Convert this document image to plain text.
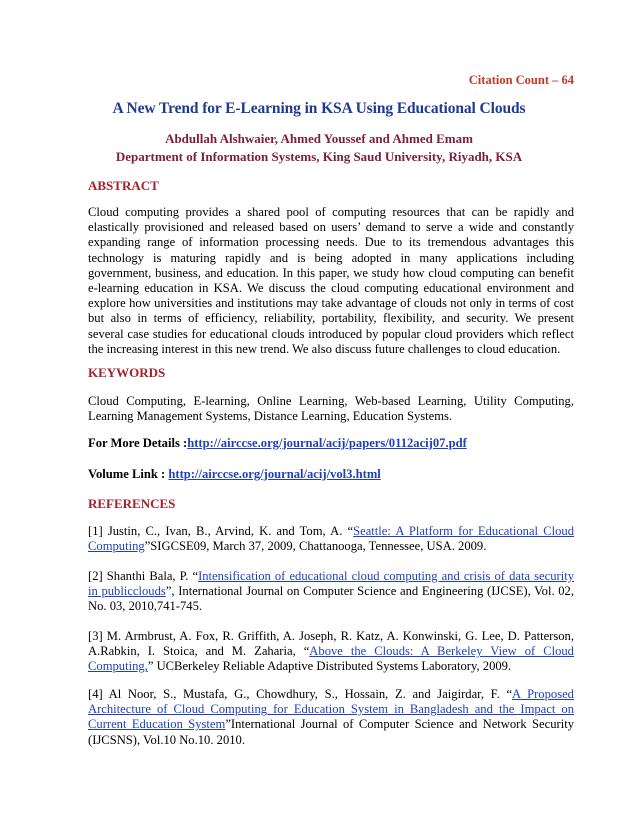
Citation Count – 64
A New Trend for E-Learning in KSA Using Educational Clouds
Abdullah Alshwaier, Ahmed Youssef and Ahmed Emam
Department of Information Systems, King Saud University, Riyadh, KSA
ABSTRACT
Cloud computing provides a shared pool of computing resources that can be rapidly and
elastically provisioned and released based on users’ demand to serve a wide and constantly
expanding range of information processing needs. Due to its tremendous advantages this
technology is maturing rapidly and is being adopted in many applications including
government, business, and education. In this paper, we study how cloud computing can benefit
e-learning education in KSA. We discuss the cloud computing educational environment and
explore how universities and institutions may take advantage of clouds not only in terms of cost
but also in terms of efficiency, reliability, portability, flexibility, and security. We present
several case studies for educational clouds introduced by popular cloud providers which reflect
the increasing interest in this new trend. We also discuss future challenges to cloud education.
KEYWORDS
Cloud Computing, E-learning, Online Learning, Web-based Learning, Utility Computing,
Learning Management Systems, Distance Learning, Education Systems.
For More Details :http://airccse.org/journal/acij/papers/0112acij07.pdf
Volume Link : http://airccse.org/journal/acij/vol3.html
REFERENCES
[1] Justin, C., Ivan, B., Arvind, K. and Tom, A. “Seattle: A Platform for Educational Cloud
Computing”SIGCSE09, March 37, 2009, Chattanooga, Tennessee, USA. 2009.
[2] Shanthi Bala, P. “Intensification of educational cloud computing and crisis of data security
in publicclouds”, International Journal on Computer Science and Engineering (IJCSE), Vol. 02,
No. 03, 2010,741-745.
[3] M. Armbrust, A. Fox, R. Griffith, A. Joseph, R. Katz, A. Konwinski, G. Lee, D. Patterson,
A.Rabkin, I. Stoica, and M. Zaharia, “Above the Clouds: A Berkeley View of Cloud
Computing,” UCBerkeley Reliable Adaptive Distributed Systems Laboratory, 2009.
[4] Al Noor, S., Mustafa, G., Chowdhury, S., Hossain, Z. and Jaigirdar, F. “A Proposed
Architecture of Cloud Computing for Education System in Bangladesh and the Impact on
Current Education System”International Journal of Computer Science and Network Security
(IJCSNS), Vol.10 No.10. 2010.
